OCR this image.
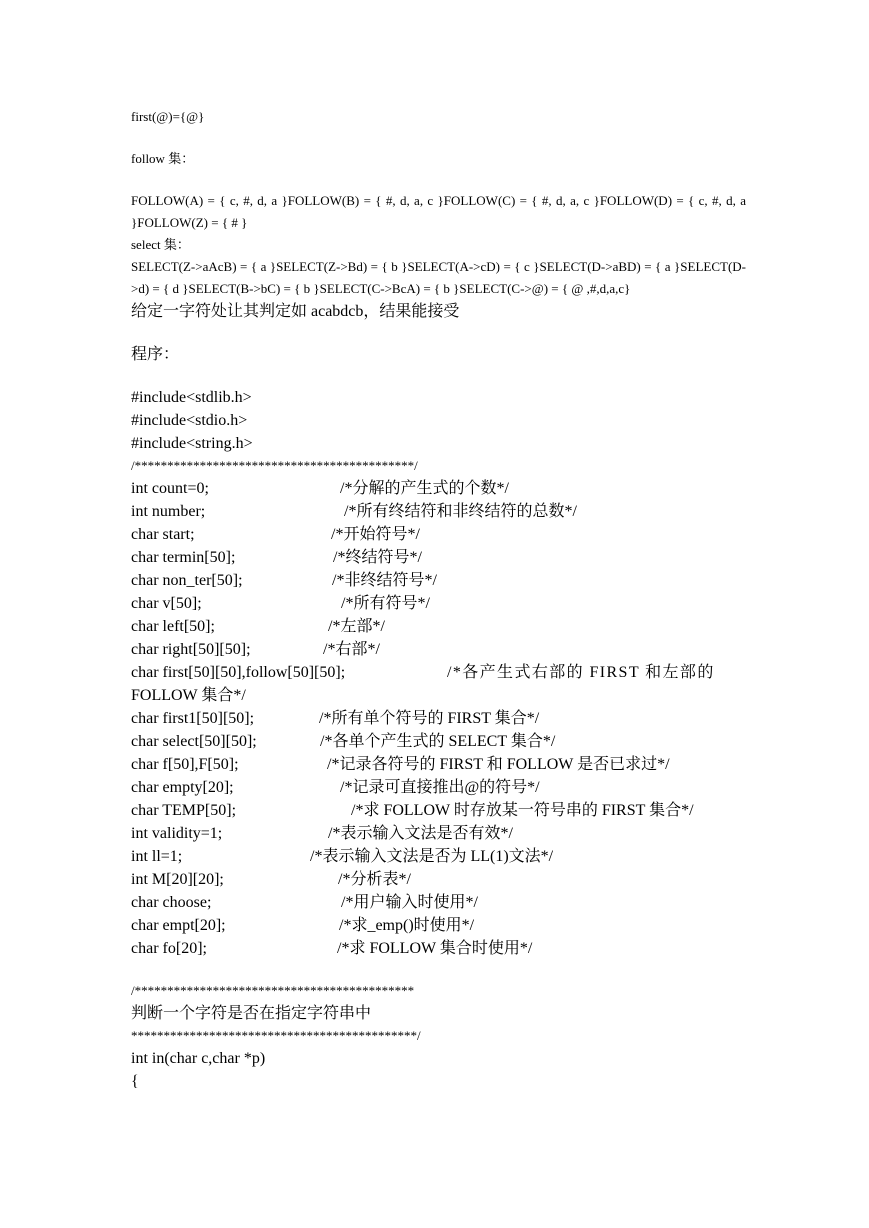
first(@)={@}
follow 集：
FOLLOW(A) = { c, #, d, a }FOLLOW(B) = { #, d, a, c }FOLLOW(C) = { #, d, a, c }FOLLOW(D) = { c, #, d, a }FOLLOW(Z) = { # }
select 集：
SELECT(Z->aAcB) = { a }SELECT(Z->Bd) = { b }SELECT(A->cD) = { c }SELECT(D->aBD) = { a }SELECT(D->d) = { d }SELECT(B->bC) = { b }SELECT(C->BcA) = { b }SELECT(C->@) = { @ ,#,d,a,c}
给定一字符处让其判定如 acabdcb，结果能接受
程序：
#include<stdlib.h>
#include<stdio.h>
#include<string.h>
/*******************************************/
int count=0;	/*分解的产生式的个数*/
int number;	/*所有终结符和非终结符的总数*/
char start;	/*开始符号*/
char termin[50];	/*终结符号*/
char non_ter[50];	/*非终结符号*/
char v[50];	/*所有符号*/
char left[50];	/*左部*/
char right[50][50];	/*右部*/
char first[50][50],follow[50][50];	/*各产生式右部的 FIRST 和左部的
FOLLOW 集合*/
char first1[50][50];	/*所有单个符号的 FIRST 集合*/
char select[50][50];	/*各单个产生式的 SELECT 集合*/
char f[50],F[50];	/*记录各符号的 FIRST 和 FOLLOW 是否已求过*/
char empty[20];	/*记录可直接推出@的符号*/
char TEMP[50];	/*求 FOLLOW 时存放某一符号串的 FIRST 集合*/
int validity=1;	/*表示输入文法是否有效*/
int ll=1;	/*表示输入文法是否为 LL(1)文法*/
int M[20][20];	/*分析表*/
char choose;	/*用户输入时使用*/
char empt[20];	/*求_emp()时使用*/
char fo[20];	/*求 FOLLOW 集合时使用*/
/*******************************************
判断一个字符是否在指定字符串中
********************************************/
int in(char c,char *p)
{
